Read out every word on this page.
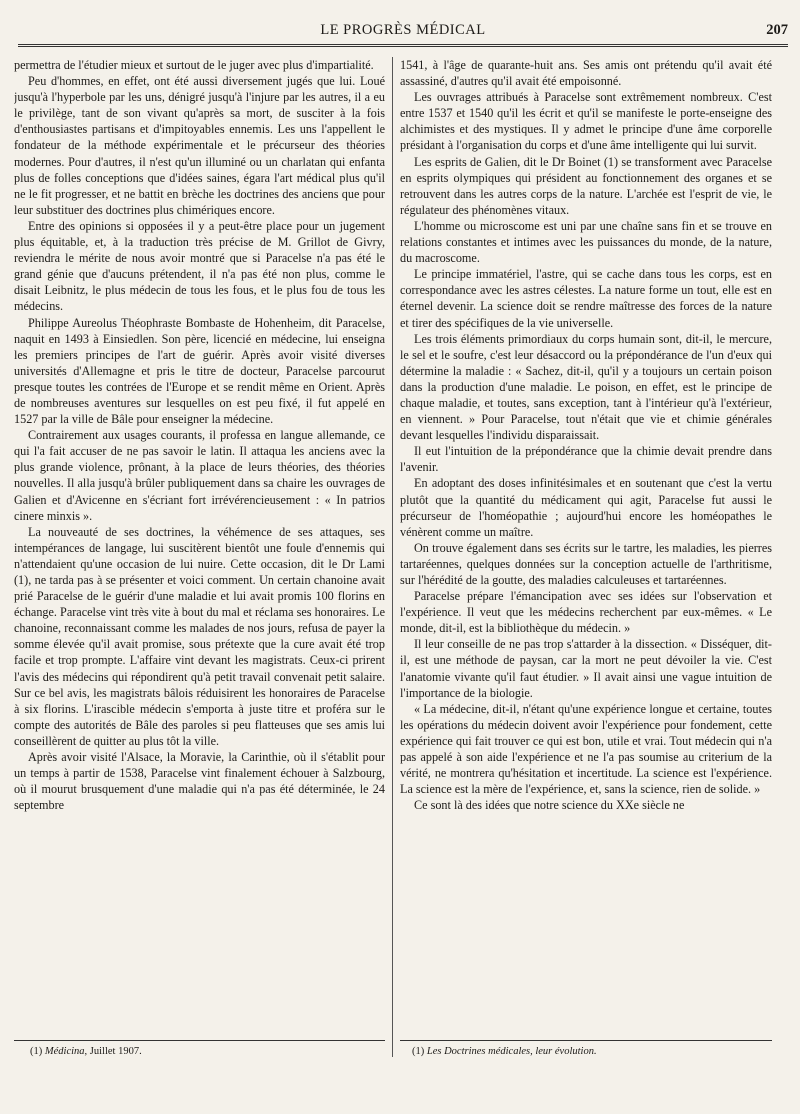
LE PROGRÈS MÉDICAL	207

permettra de l'étudier mieux et surtout de le juger avec plus d'impartialité.

Peu d'hommes, en effet, ont été aussi diversement jugés que lui. Loué jusqu'à l'hyperbole par les uns, dénigré jusqu'à l'injure par les autres, il a eu le privilège, tant de son vivant qu'après sa mort, de susciter à la fois d'enthousiastes partisans et d'impitoyables ennemis. Les uns l'appellent le fondateur de la méthode expérimentale et le précurseur des théories modernes. Pour d'autres, il n'est qu'un illuminé ou un charlatan qui enfanta plus de folles conceptions que d'idées saines, égara l'art médical plus qu'il ne le fit progresser, et ne battit en brèche les doctrines des anciens que pour leur substituer des doctrines plus chimériques encore.

Entre des opinions si opposées il y a peut-être place pour un jugement plus équitable, et, à la traduction très précise de M. Grillot de Givry, reviendra le mérite de nous avoir montré que si Paracelse n'a pas été le grand génie que d'aucuns prétendent, il n'a pas été non plus, comme le disait Leibnitz, le plus médecin de tous les fous, et le plus fou de tous les médecins.

Philippe Aureolus Théophraste Bombaste de Hohenheim, dit Paracelse, naquit en 1493 à Einsiedlen. Son père, licencié en médecine, lui enseigna les premiers principes de l'art de guérir. Après avoir visité diverses universités d'Allemagne et pris le titre de docteur, Paracelse parcourut presque toutes les contrées de l'Europe et se rendit même en Orient. Après de nombreuses aventures sur lesquelles on est peu fixé, il fut appelé en 1527 par la ville de Bâle pour enseigner la médecine.

Contrairement aux usages courants, il professa en langue allemande, ce qui l'a fait accuser de ne pas savoir le latin. Il attaqua les anciens avec la plus grande violence, prônant, à la place de leurs théories, des théories nouvelles. Il alla jusqu'à brûler publiquement dans sa chaire les ouvrages de Galien et d'Avicenne en s'écriant fort irrévérencieusement : « In patrios cinere minxis ».

La nouveauté de ses doctrines, la véhémence de ses attaques, ses intempérances de langage, lui suscitèrent bientôt une foule d'ennemis qui n'attendaient qu'une occasion de lui nuire. Cette occasion, dit le Dr Lami (1), ne tarda pas à se présenter et voici comment. Un certain chanoine avait prié Paracelse de le guérir d'une maladie et lui avait promis 100 florins en échange. Paracelse vint très vite à bout du mal et réclama ses honoraires. Le chanoine, reconnaissant comme les malades de nos jours, refusa de payer la somme élevée qu'il avait promise, sous prétexte que la cure avait été trop facile et trop prompte. L'affaire vint devant les magistrats. Ceux-ci prirent l'avis des médecins qui répondirent qu'à petit travail convenait petit salaire. Sur ce bel avis, les magistrats bâlois réduisirent les honoraires de Paracelse à six florins. L'irascible médecin s'emporta à juste titre et proféra sur le compte des autorités de Bâle des paroles si peu flatteuses que ses amis lui conseillèrent de quitter au plus tôt la ville.

Après avoir visité l'Alsace, la Moravie, la Carinthie, où il s'établit pour un temps à partir de 1538, Paracelse vint finalement échouer à Salzbourg, où il mourut brusquement d'une maladie qui n'a pas été déterminée, le 24 septembre

1541, à l'âge de quarante-huit ans. Ses amis ont prétendu qu'il avait été assassiné, d'autres qu'il avait été empoisonné.

Les ouvrages attribués à Paracelse sont extrêmement nombreux. C'est entre 1537 et 1540 qu'il les écrit et qu'il se manifeste le porte-enseigne des alchimistes et des mystiques. Il y admet le principe d'une âme corporelle présidant à l'organisation du corps et d'une âme intelligente qui lui survit.

Les esprits de Galien, dit le Dr Boinet (1) se transforment avec Paracelse en esprits olympiques qui président au fonctionnement des organes et se retrouvent dans les autres corps de la nature. L'archée est l'esprit de vie, le régulateur des phénomènes vitaux.

L'homme ou microscome est uni par une chaîne sans fin et se trouve en relations constantes et intimes avec les puissances du monde, de la nature, du macroscome.

Le principe immatériel, l'astre, qui se cache dans tous les corps, est en correspondance avec les astres célestes. La nature forme un tout, elle est en éternel devenir. La science doit se rendre maîtresse des forces de la nature et tirer des spécifiques de la vie universelle.

Les trois éléments primordiaux du corps humain sont, dit-il, le mercure, le sel et le soufre, c'est leur désaccord ou la prépondérance de l'un d'eux qui détermine la maladie : « Sachez, dit-il, qu'il y a toujours un certain poison dans la production d'une maladie. Le poison, en effet, est le principe de chaque maladie, et toutes, sans exception, tant à l'intérieur qu'à l'extérieur, en viennent. » Pour Paracelse, tout n'était que vie et chimie générales devant lesquelles l'individu disparaissait.

Il eut l'intuition de la prépondérance que la chimie devait prendre dans l'avenir.

En adoptant des doses infinitésimales et en soutenant que c'est la vertu plutôt que la quantité du médicament qui agit, Paracelse fut aussi le précurseur de l'homéopathie ; aujourd'hui encore les homéopathes le vénèrent comme un maître.

On trouve également dans ses écrits sur le tartre, les maladies, les pierres tartaréennes, quelques données sur la conception actuelle de l'arthritisme, sur l'hérédité de la goutte, des maladies calculeuses et tartaréennes.

Paracelse prépare l'émancipation avec ses idées sur l'observation et l'expérience. Il veut que les médecins recherchent par eux-mêmes. « Le monde, dit-il, est la bibliothèque du médecin. »

Il leur conseille de ne pas trop s'attarder à la dissection. « Disséquer, dit-il, est une méthode de paysan, car la mort ne peut dévoiler la vie. C'est l'anatomie vivante qu'il faut étudier. » Il avait ainsi une vague intuition de l'importance de la biologie.

« La médecine, dit-il, n'étant qu'une expérience longue et certaine, toutes les opérations du médecin doivent avoir l'expérience pour fondement, cette expérience qui fait trouver ce qui est bon, utile et vrai. Tout médecin qui n'a pas appelé à son aide l'expérience et ne l'a pas soumise au criterium de la vérité, ne montrera qu'hésitation et incertitude. La science est l'expérience. La science est la mère de l'expérience, et, sans la science, rien de solide. »

Ce sont là des idées que notre science du XXe siècle ne

(1) Médicina, Juillet 1907.	(1) Les Doctrines médicales, leur évolution.
